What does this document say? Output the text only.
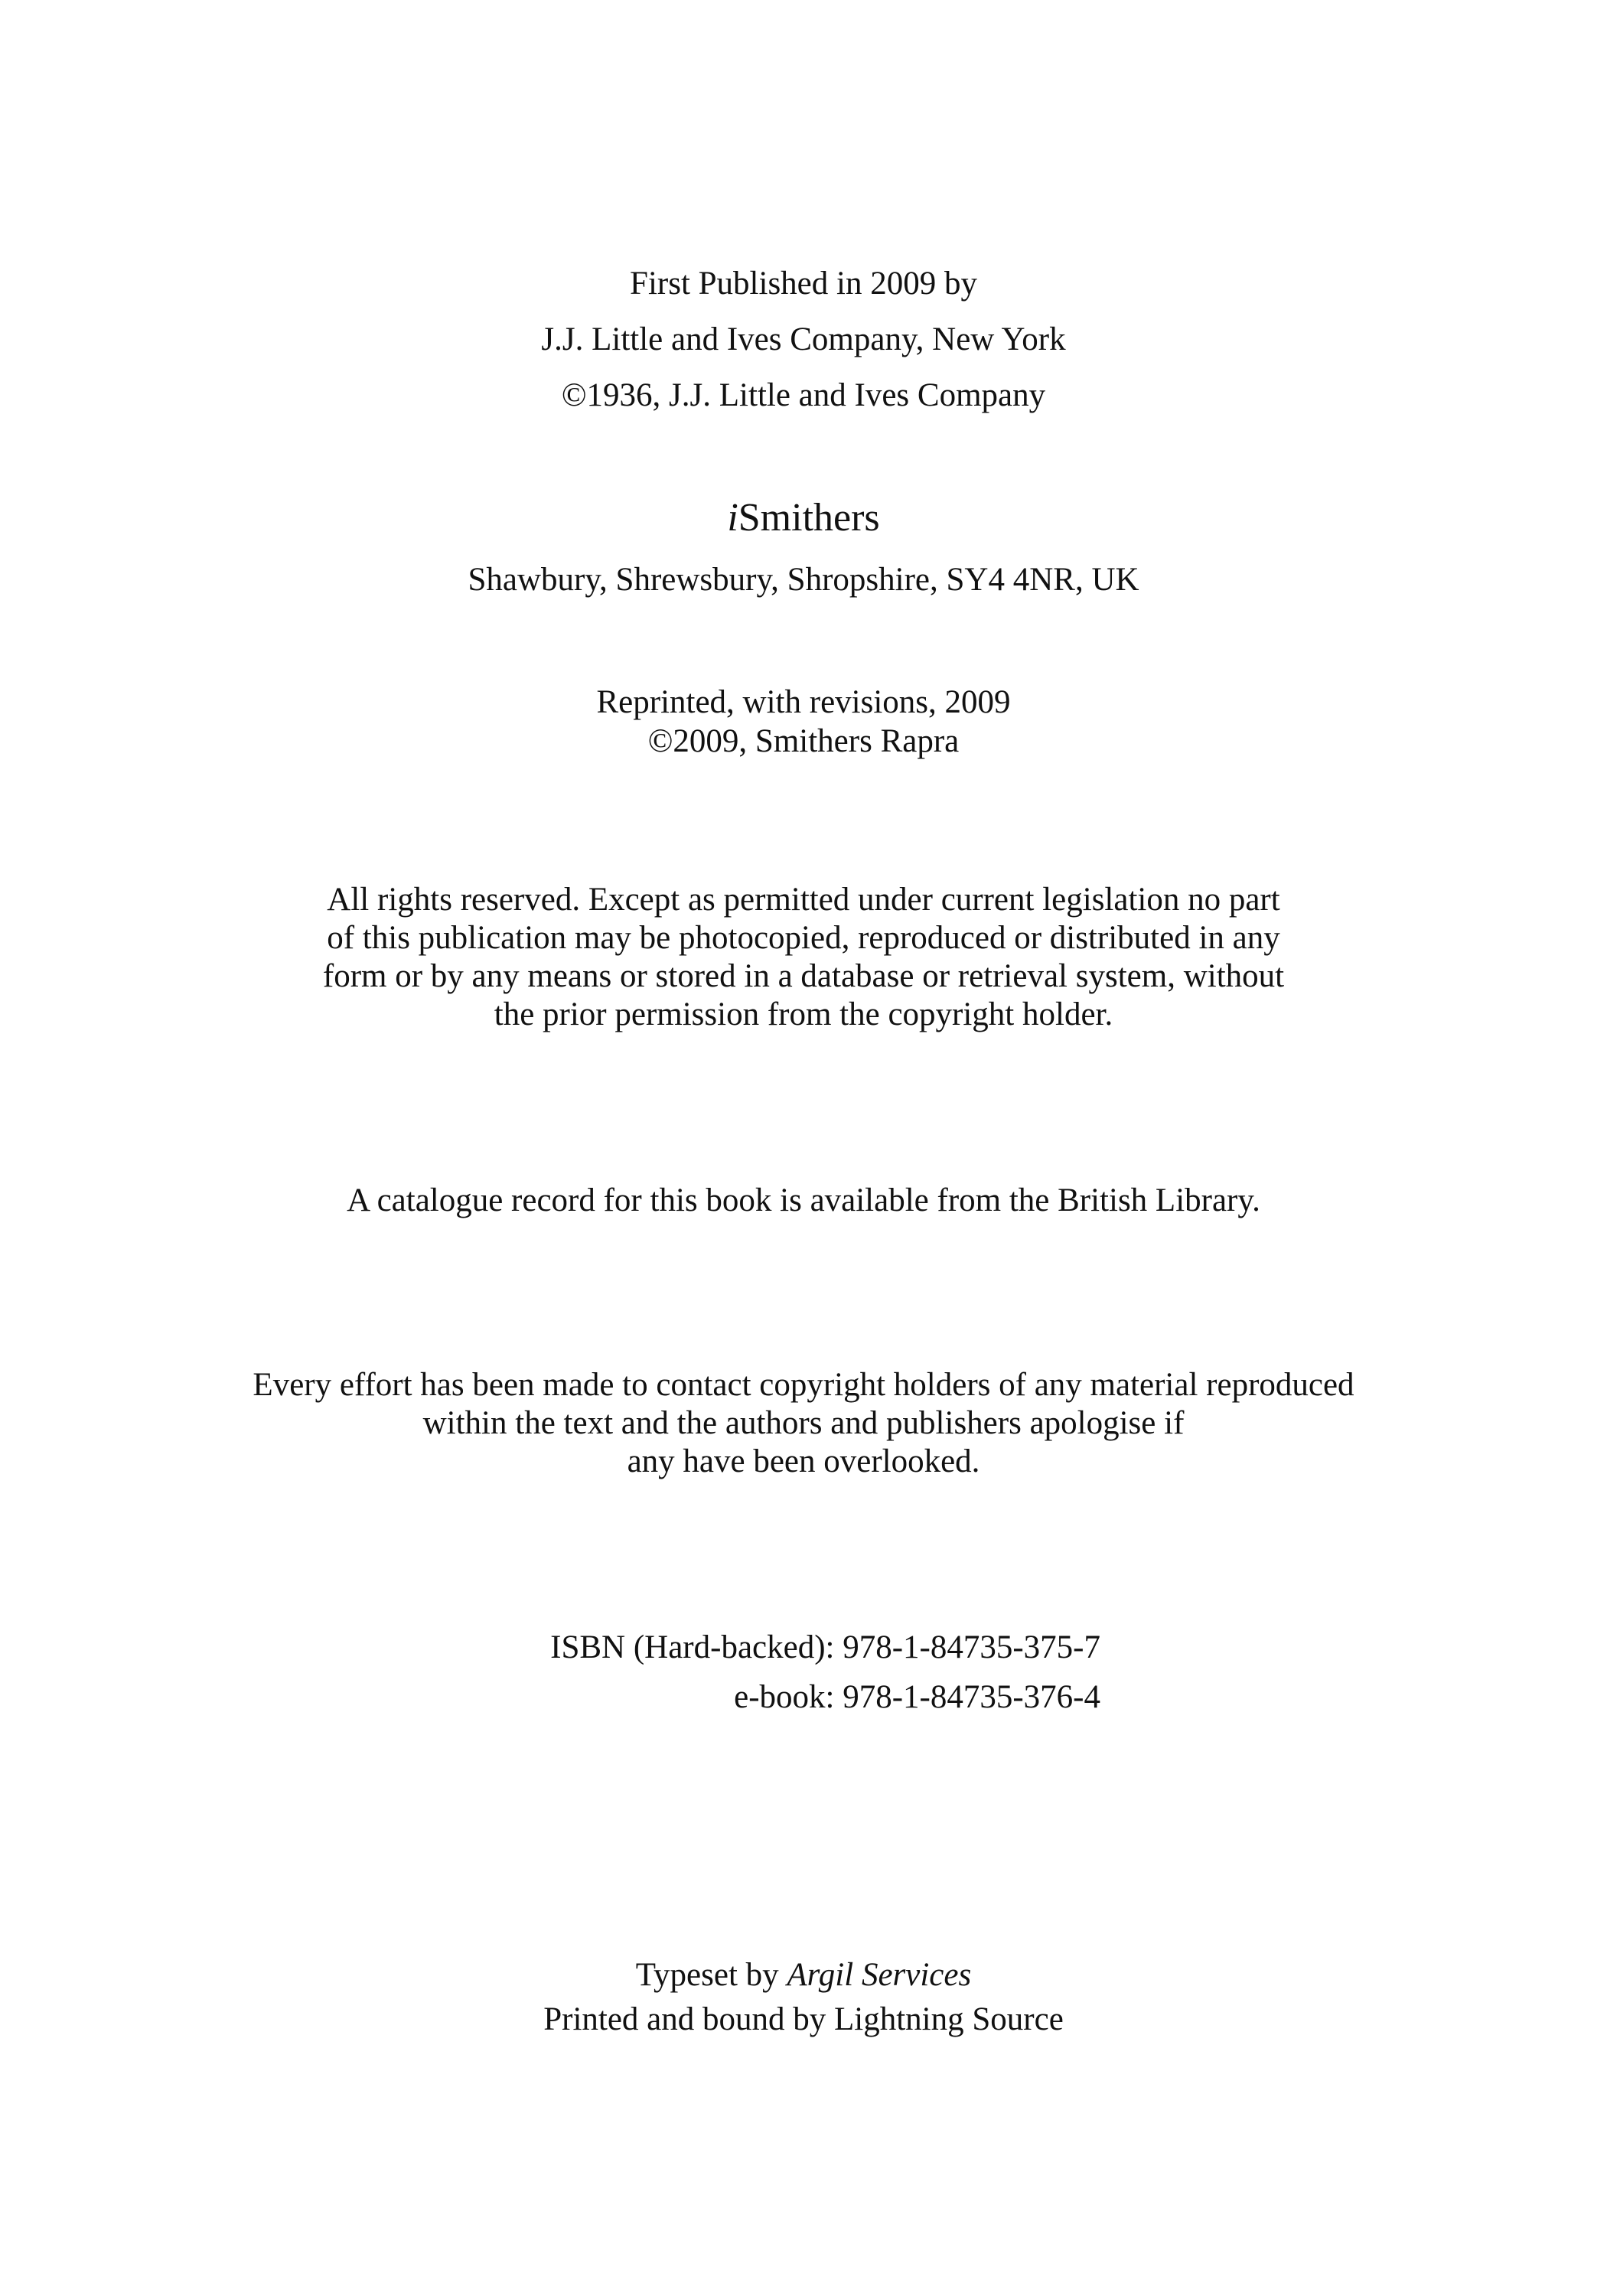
First Published in 2009 by
J.J. Little and Ives Company, New York
©1936, J.J. Little and Ives Company
iSmithers
Shawbury, Shrewsbury, Shropshire, SY4 4NR, UK
Reprinted, with revisions, 2009
©2009, Smithers Rapra
All rights reserved. Except as permitted under current legislation no part
of this publication may be photocopied, reproduced or distributed in any
form or by any means or stored in a database or retrieval system, without
the prior permission from the copyright holder.
A catalogue record for this book is available from the British Library.
Every effort has been made to contact copyright holders of any material reproduced
within the text and the authors and publishers apologise if
any have been overlooked.
ISBN (Hard-backed): 978-1-84735-375-7
e-book: 978-1-84735-376-4
Typeset by Argil Services
Printed and bound by Lightning Source
